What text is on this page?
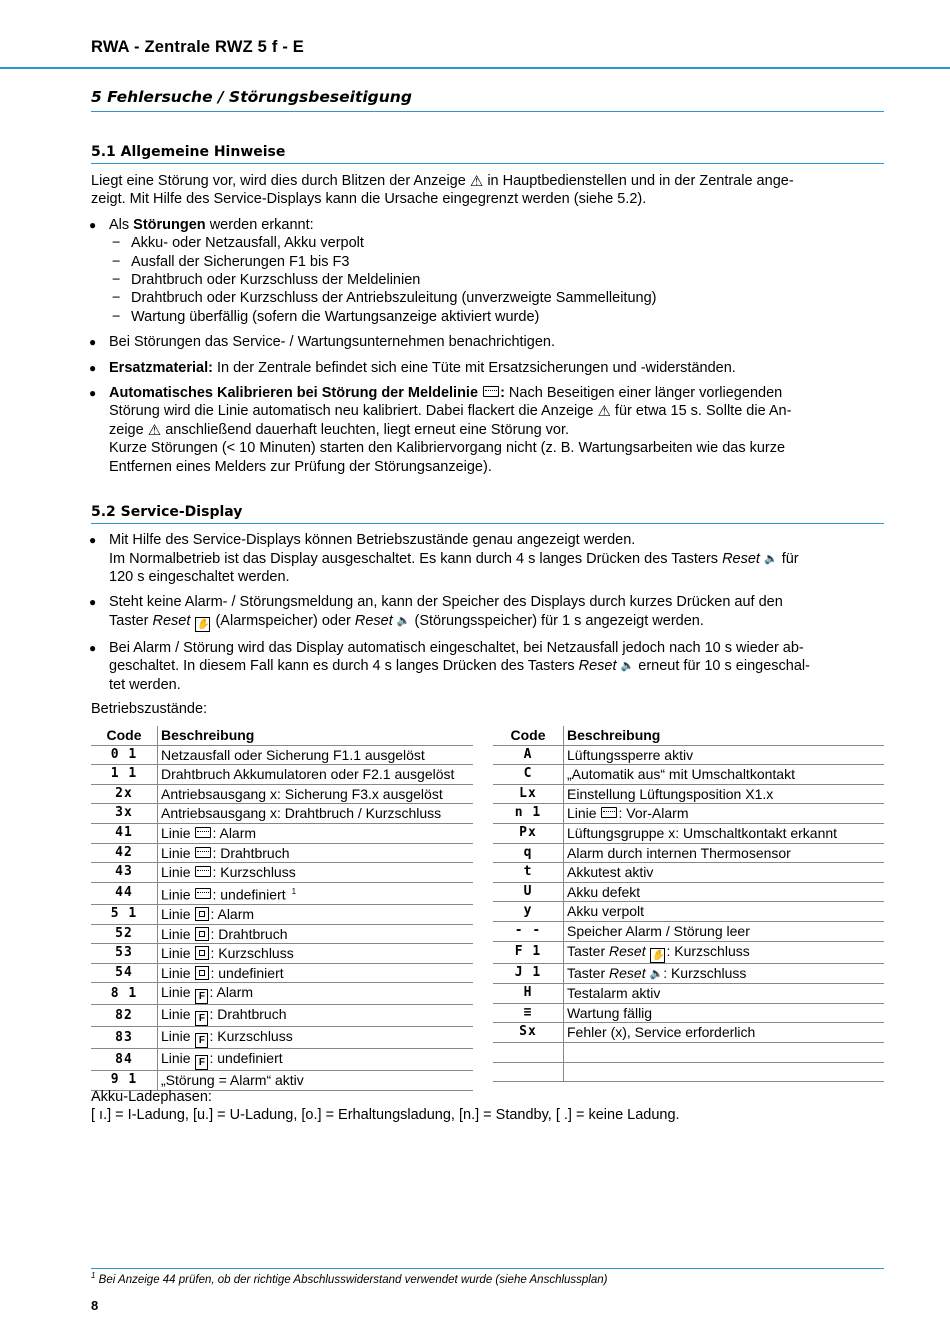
RWA - Zentrale RWZ 5 f - E
5 Fehlersuche / Störungsbeseitigung
5.1 Allgemeine Hinweise

Liegt eine Störung vor, wird dies durch Blitzen der Anzeige ⚠ in Hauptbedienstellen und in der Zentrale ange-
zeigt. Mit Hilfe des Service-Displays kann die Ursache eingegrenzt werden (siehe 5.2).

● Als Störungen werden erkannt:
− Akku- oder Netzausfall, Akku verpolt
− Ausfall der Sicherungen F1 bis F3
− Drahtbruch oder Kurzschluss der Meldelinien
− Drahtbruch oder Kurzschluss der Antriebszuleitung (unverzweigte Sammelleitung)
− Wartung überfällig (sofern die Wartungsanzeige aktiviert wurde)
● Bei Störungen das Service- / Wartungsunternehmen benachrichtigen.
● Ersatzmaterial: In der Zentrale befindet sich eine Tüte mit Ersatzsicherungen und -widerständen.
● Automatisches Kalibrieren bei Störung der Meldelinie : Nach Beseitigen einer länger vorliegenden
Störung wird die Linie automatisch neu kalibriert. Dabei flackert die Anzeige ⚠ für etwa 15 s. Sollte die An-
zeige ⚠ anschließend dauerhaft leuchten, liegt erneut eine Störung vor.
Kurze Störungen (< 10 Minuten) starten den Kalibriervorgang nicht (z. B. Wartungsarbeiten wie das kurze
Entfernen eines Melders zur Prüfung der Störungsanzeige).
5.2 Service-Display
● Mit Hilfe des Service-Displays können Betriebszustände genau angezeigt werden.
Im Normalbetrieb ist das Display ausgeschaltet. Es kann durch 4 s langes Drücken des Tasters Reset 🔈 für
120 s eingeschaltet werden.
● Steht keine Alarm- / Störungsmeldung an, kann der Speicher des Displays durch kurzes Drücken auf den
Taster Reset ✋ (Alarmspeicher) oder Reset 🔈 (Störungsspeicher) für 1 s angezeigt werden.
● Bei Alarm / Störung wird das Display automatisch eingeschaltet, bei Netzausfall jedoch nach 10 s wieder ab-
geschaltet. In diesem Fall kann es durch 4 s langes Drücken des Tasters Reset 🔈 erneut für 10 s eingeschal-
tet werden.

Betriebszustände:

Code	Beschreibung
0 1	Netzausfall oder Sicherung F1.1 ausgelöst
1 1	Drahtbruch Akkumulatoren oder F2.1 ausgelöst
2x	Antriebsausgang x: Sicherung F3.x ausgelöst
3x	Antriebsausgang x: Drahtbruch / Kurzschluss
41	Linie : Alarm
42	Linie : Drahtbruch
43	Linie : Kurzschluss
44	Linie : undefiniert $^1$
5 1	Linie : Alarm
52	Linie : Drahtbruch
53	Linie : Kurzschluss
54	Linie : undefiniert
8 1	Linie F : Alarm
82	Linie F : Drahtbruch
83	Linie F : Kurzschluss
84	Linie F : undefiniert
9 1	„Störung = Alarm“ aktiv
Code	Beschreibung
A	Lüftungssperre aktiv
C	„Automatik aus“ mit Umschaltkontakt
Lx	Einstellung Lüftungsposition X1.x
n 1	Linie : Vor-Alarm
Px	Lüftungsgruppe x: Umschaltkontakt erkannt
q	Alarm durch internen Thermosensor
t	Akkutest aktiv
U	Akku defekt
y	Akku verpolt
- -	Speicher Alarm / Störung leer
F 1	Taster Reset ✋ : Kurzschluss
J 1	Taster Reset 🔈: Kurzschluss
H	Testalarm aktiv
≡	Wartung fällig
Sx	Fehler (x), Service erforderlich

Akku-Ladephasen:
[ ı.] = I-Ladung, [u.] = U-Ladung, [o.] = Erhaltungsladung, [n.] = Standby, [ .] = keine Ladung.
$^1$ Bei Anzeige 44 prüfen, ob der richtige Abschlusswiderstand verwendet wurde (siehe Anschlussplan)
8
